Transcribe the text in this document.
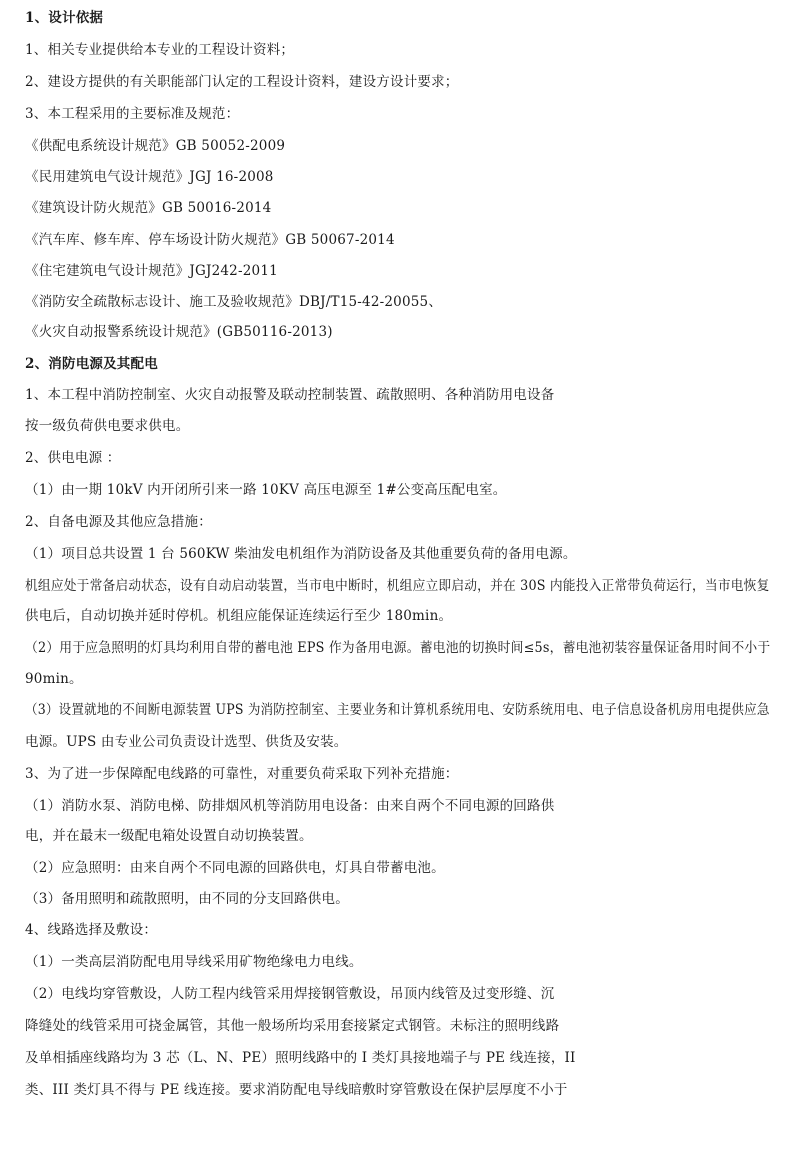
1、设计依据
1、相关专业提供给本专业的工程设计资料；
2、建设方提供的有关职能部门认定的工程设计资料，建设方设计要求；
3、本工程采用的主要标准及规范：
《供配电系统设计规范》GB 50052-2009
《民用建筑电气设计规范》JGJ 16-2008
《建筑设计防火规范》GB 50016-2014
《汽车库、修车库、停车场设计防火规范》GB 50067-2014
《住宅建筑电气设计规范》JGJ242-2011
《消防安全疏散标志设计、施工及验收规范》DBJ/T15-42-20055、
《火灾自动报警系统设计规范》(GB50116-2013)
2、消防电源及其配电
1、本工程中消防控制室、火灾自动报警及联动控制装置、疏散照明、各种消防用电设备
按一级负荷供电要求供电。
2、供电电源 ：
（1）由一期 10kV 内开闭所引来一路 10KV 高压电源至 1#公变高压配电室。
2、自备电源及其他应急措施：
（1）项目总共设置 1 台 560KW 柴油发电机组作为消防设备及其他重要负荷的备用电源。
机组应处于常备启动状态，设有自动启动装置，当市电中断时，机组应立即启动，并在 30S 内能投入正常带负荷运行，当市电恢复
供电后，自动切换并延时停机。机组应能保证连续运行至少 180min。
（2）用于应急照明的灯具均利用自带的蓄电池 EPS 作为备用电源。蓄电池的切换时间≤5s，蓄电池初装容量保证备用时间不小于
90min。
（3）设置就地的不间断电源装置 UPS 为消防控制室、主要业务和计算机系统用电、安防系统用电、电子信息设备机房用电提供应急
电源。UPS 由专业公司负责设计选型、供货及安装。
3、为了进一步保障配电线路的可靠性，对重要负荷采取下列补充措施：
（1）消防水泵、消防电梯、防排烟风机等消防用电设备：由来自两个不同电源的回路供
电，并在最末一级配电箱处设置自动切换装置。
（2）应急照明：由来自两个不同电源的回路供电，灯具自带蓄电池。
（3）备用照明和疏散照明，由不同的分支回路供电。
4、线路选择及敷设：
（1）一类高层消防配电用导线采用矿物绝缘电力电线。
（2）电线均穿管敷设，人防工程内线管采用焊接钢管敷设，吊顶内线管及过变形缝、沉
降缝处的线管采用可挠金属管，其他一般场所均采用套接紧定式钢管。未标注的照明线路
及单相插座线路均为 3 芯（L、N、PE）照明线路中的 I 类灯具接地端子与 PE 线连接，II
类、III 类灯具不得与 PE 线连接。要求消防配电导线暗敷时穿管敷设在保护层厚度不小于
